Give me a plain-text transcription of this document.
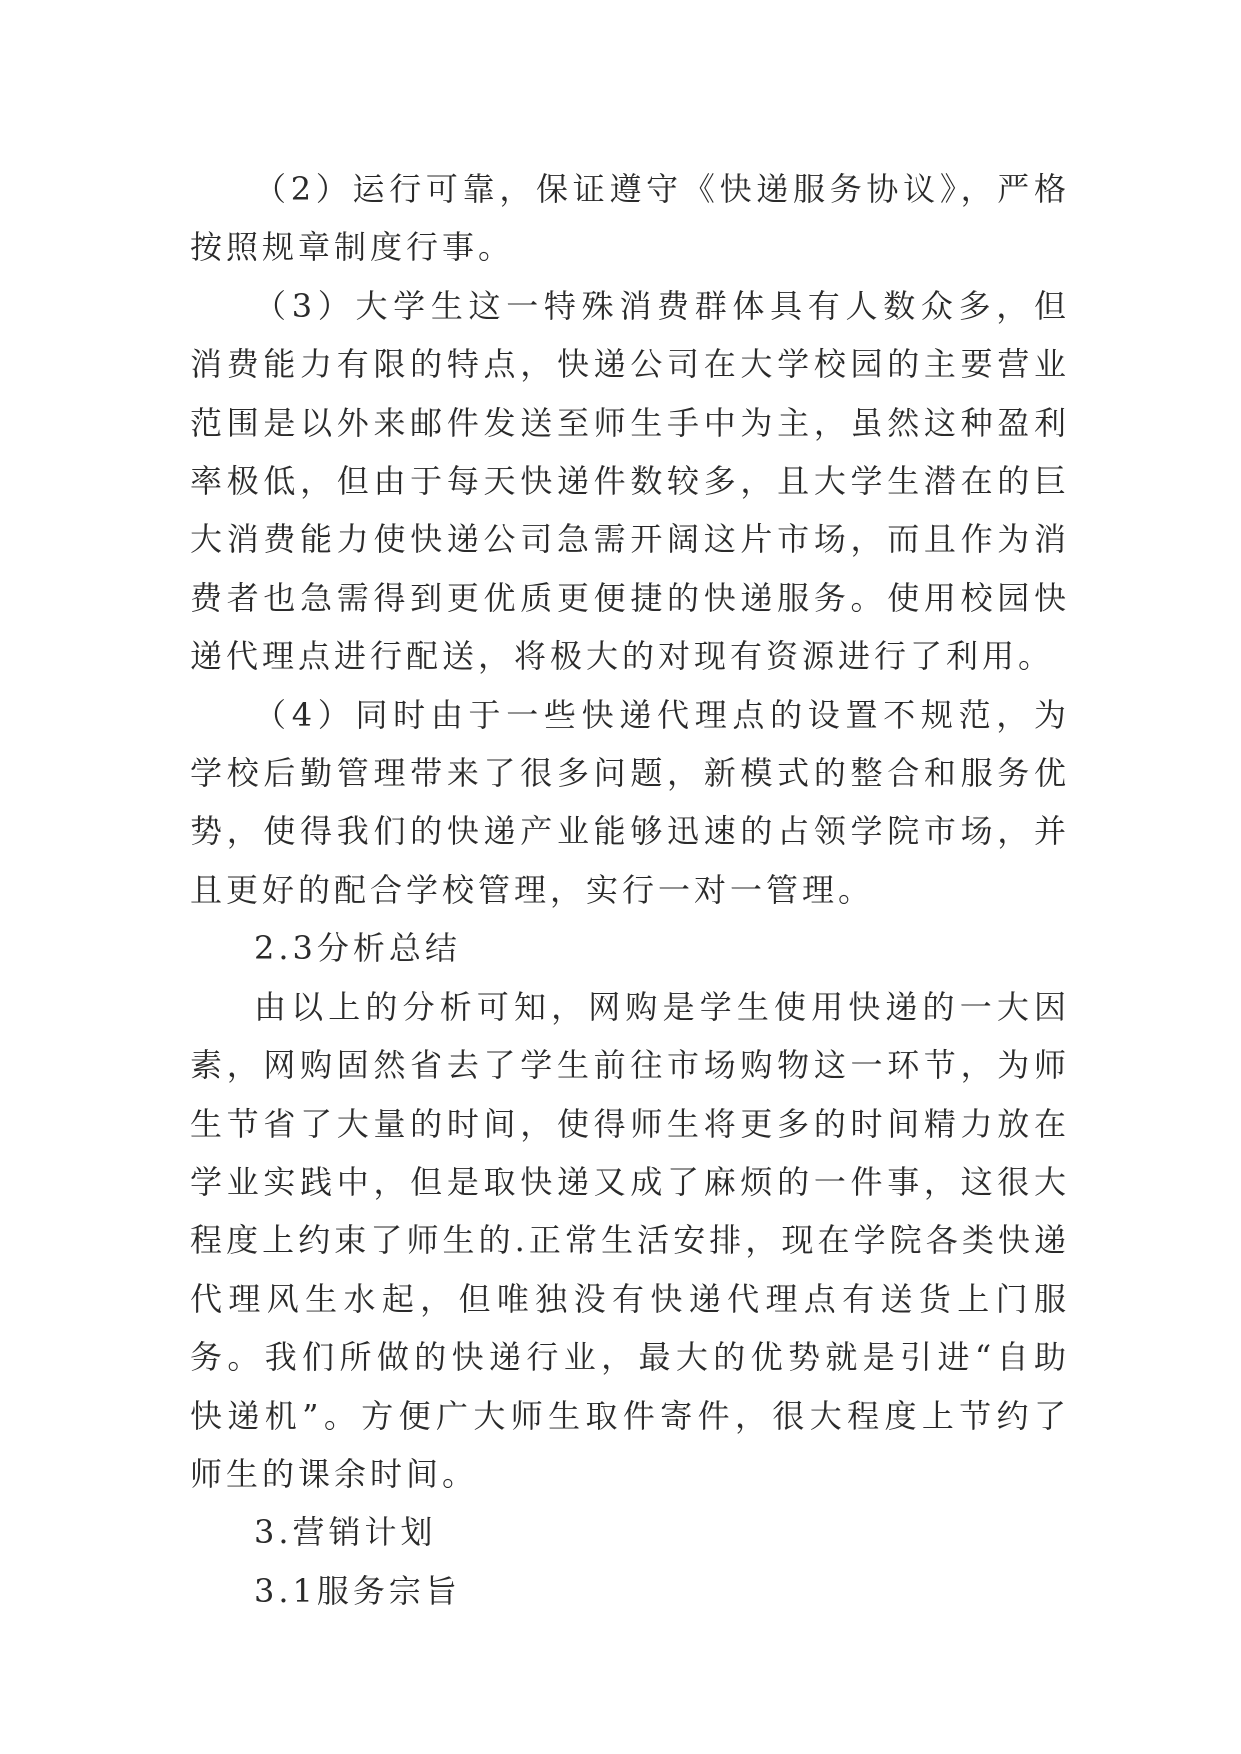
（2）运行可靠，保证遵守《快递服务协议》，严格按照规章制度行事。

（3）大学生这一特殊消费群体具有人数众多，但消费能力有限的特点，快递公司在大学校园的主要营业范围是以外来邮件发送至师生手中为主，虽然这种盈利率极低，但由于每天快递件数较多，且大学生潜在的巨大消费能力使快递公司急需开阔这片市场，而且作为消费者也急需得到更优质更便捷的快递服务。使用校园快递代理点进行配送，将极大的对现有资源进行了利用。

（4）同时由于一些快递代理点的设置不规范，为学校后勤管理带来了很多问题，新模式的整合和服务优势，使得我们的快递产业能够迅速的占领学院市场，并且更好的配合学校管理，实行一对一管理。

2.3分析总结

由以上的分析可知，网购是学生使用快递的一大因素，网购固然省去了学生前往市场购物这一环节，为师生节省了大量的时间，使得师生将更多的时间精力放在学业实践中，但是取快递又成了麻烦的一件事，这很大程度上约束了师生的.正常生活安排，现在学院各类快递代理风生水起，但唯独没有快递代理点有送货上门服务。我们所做的快递行业，最大的优势就是引进“自助快递机”。方便广大师生取件寄件，很大程度上节约了师生的课余时间。

3.营销计划

3.1服务宗旨
